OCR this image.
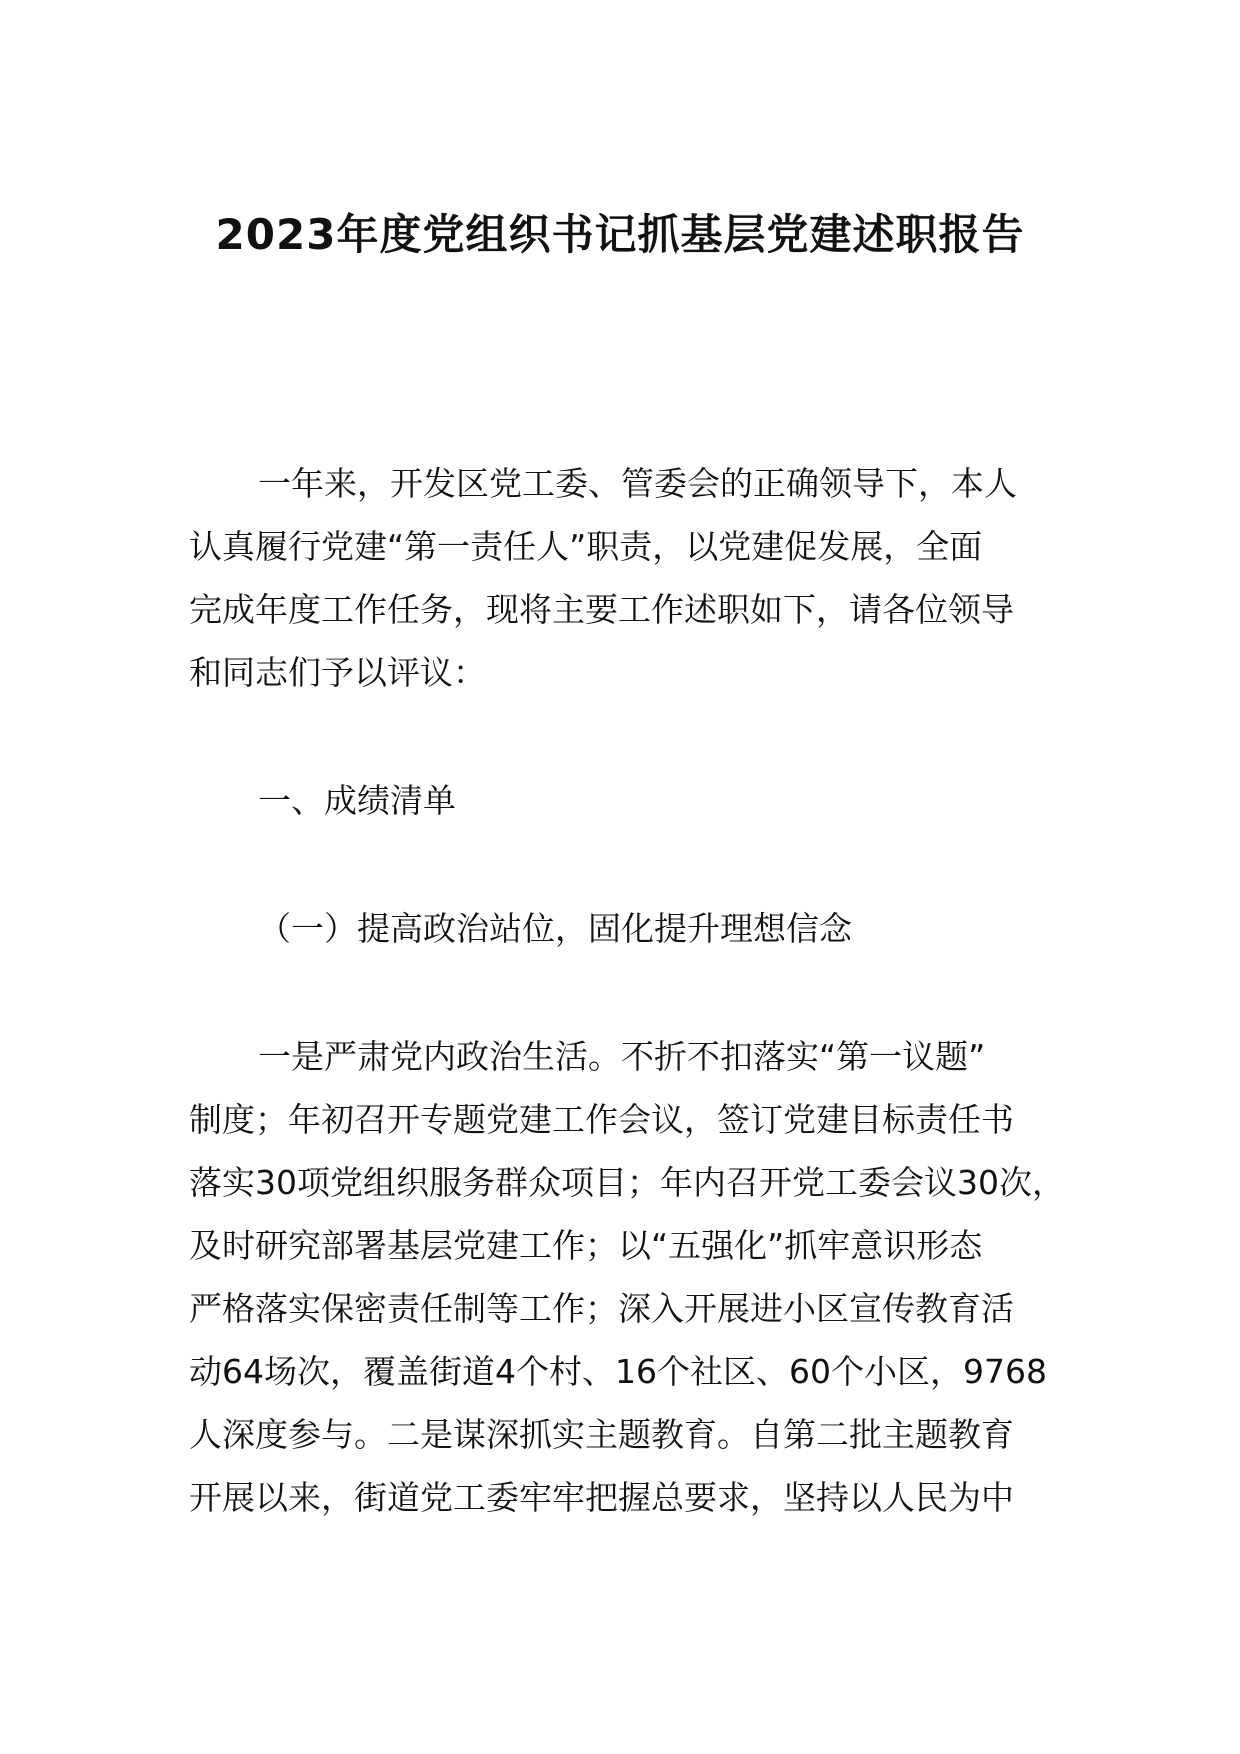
2023年度党组织书记抓基层党建述职报告

一年来，开发区党工委、管委会的正确领导下，本人

认真履行党建“第一责任人”职责，以党建促发展，全面

完成年度工作任务，现将主要工作述职如下，请各位领导

和同志们予以评议：

一、成绩清单

（一）提高政治站位，固化提升理想信念

一是严肃党内政治生活。不折不扣落实“第一议题”

制度；年初召开专题党建工作会议，签订党建目标责任书

落实30项党组织服务群众项目；年内召开党工委会议30次，

及时研究部署基层党建工作；以“五强化”抓牢意识形态

严格落实保密责任制等工作；深入开展进小区宣传教育活

动64场次，覆盖街道4个村、16个社区、60个小区，9768

人深度参与。二是谋深抓实主题教育。自第二批主题教育

开展以来，街道党工委牢牢把握总要求，坚持以人民为中
